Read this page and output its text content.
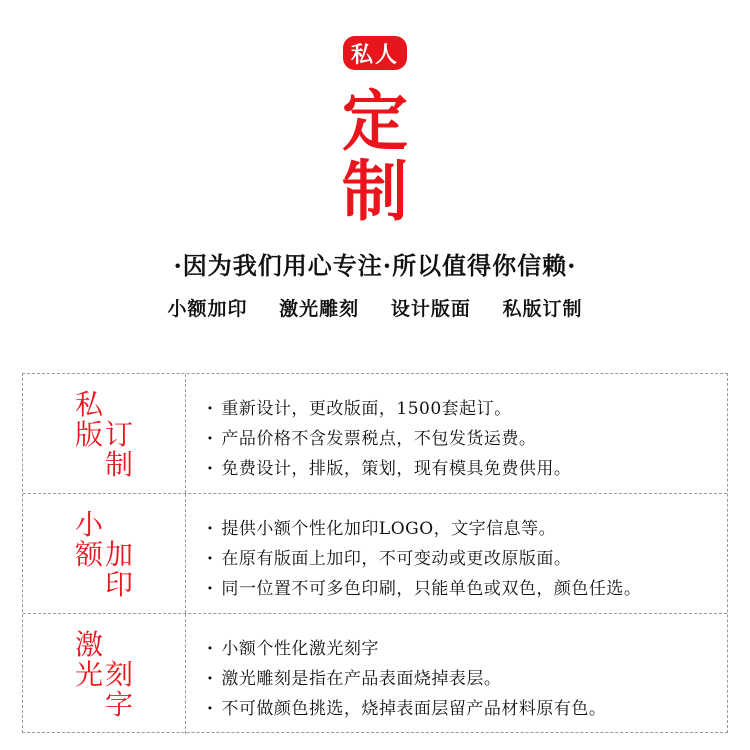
私人
定
制
·因为我们用心专注·所以值得你信赖·
小额加印 激光雕刻 设计版面 私版订制
私
版 订
制
· 重新设计，更改版面，1500套起订。
· 产品价格不含发票税点，不包发货运费。
· 免费设计，排版，策划，现有模具免费供用。
小
额 加
印
· 提供小额个性化加印LOGO，文字信息等。
· 在原有版面上加印，不可变动或更改原版面。
· 同一位置不可多色印刷，只能单色或双色，颜色任选。
激
光 刻
字
· 小额个性化激光刻字
· 激光雕刻是指在产品表面烧掉表层。
· 不可做颜色挑选，烧掉表面层留产品材料原有色。
